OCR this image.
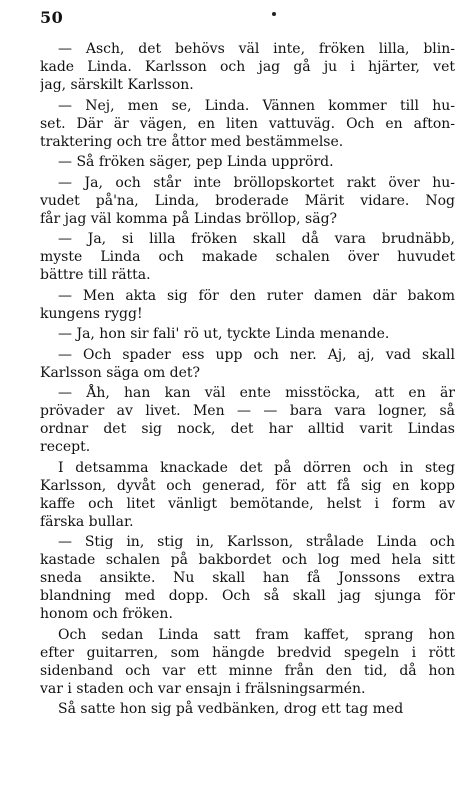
50
— Asch, det behövs väl inte, fröken lilla, blin-
kade Linda. Karlsson och jag gå ju i hjärter, vet
jag, särskilt Karlsson.
— Nej, men se, Linda. Vännen kommer till hu-
set. Där är vägen, en liten vattuväg. Och en afton-
traktering och tre åttor med bestämmelse.
— Så fröken säger, pep Linda upprörd.
— Ja, och står inte bröllopskortet rakt över hu-
vudet på'na, Linda, broderade Märit vidare. Nog
får jag väl komma på Lindas bröllop, säg?
— Ja, si lilla fröken skall då vara brudnäbb,
myste Linda och makade schalen över huvudet
bättre till rätta.
— Men akta sig för den ruter damen där bakom
kungens rygg!
— Ja, hon sir fali' rö ut, tyckte Linda menande.
— Och spader ess upp och ner. Aj, aj, vad skall
Karlsson säga om det?
— Åh, han kan väl ente misstöcka, att en är
prövader av livet. Men — — bara vara logner, så
ordnar det sig nock, det har alltid varit Lindas
recept.
I detsamma knackade det på dörren och in steg
Karlsson, dyvåt och generad, för att få sig en kopp
kaffe och litet vänligt bemötande, helst i form av
färska bullar.
— Stig in, stig in, Karlsson, strålade Linda och
kastade schalen på bakbordet och log med hela sitt
sneda ansikte. Nu skall han få Jonssons extra
blandning med dopp. Och så skall jag sjunga för
honom och fröken.
Och sedan Linda satt fram kaffet, sprang hon
efter guitarren, som hängde bredvid spegeln i rött
sidenband och var ett minne från den tid, då hon
var i staden och var ensajn i frälsningsarmén.
Så satte hon sig på vedbänken, drog ett tag med
